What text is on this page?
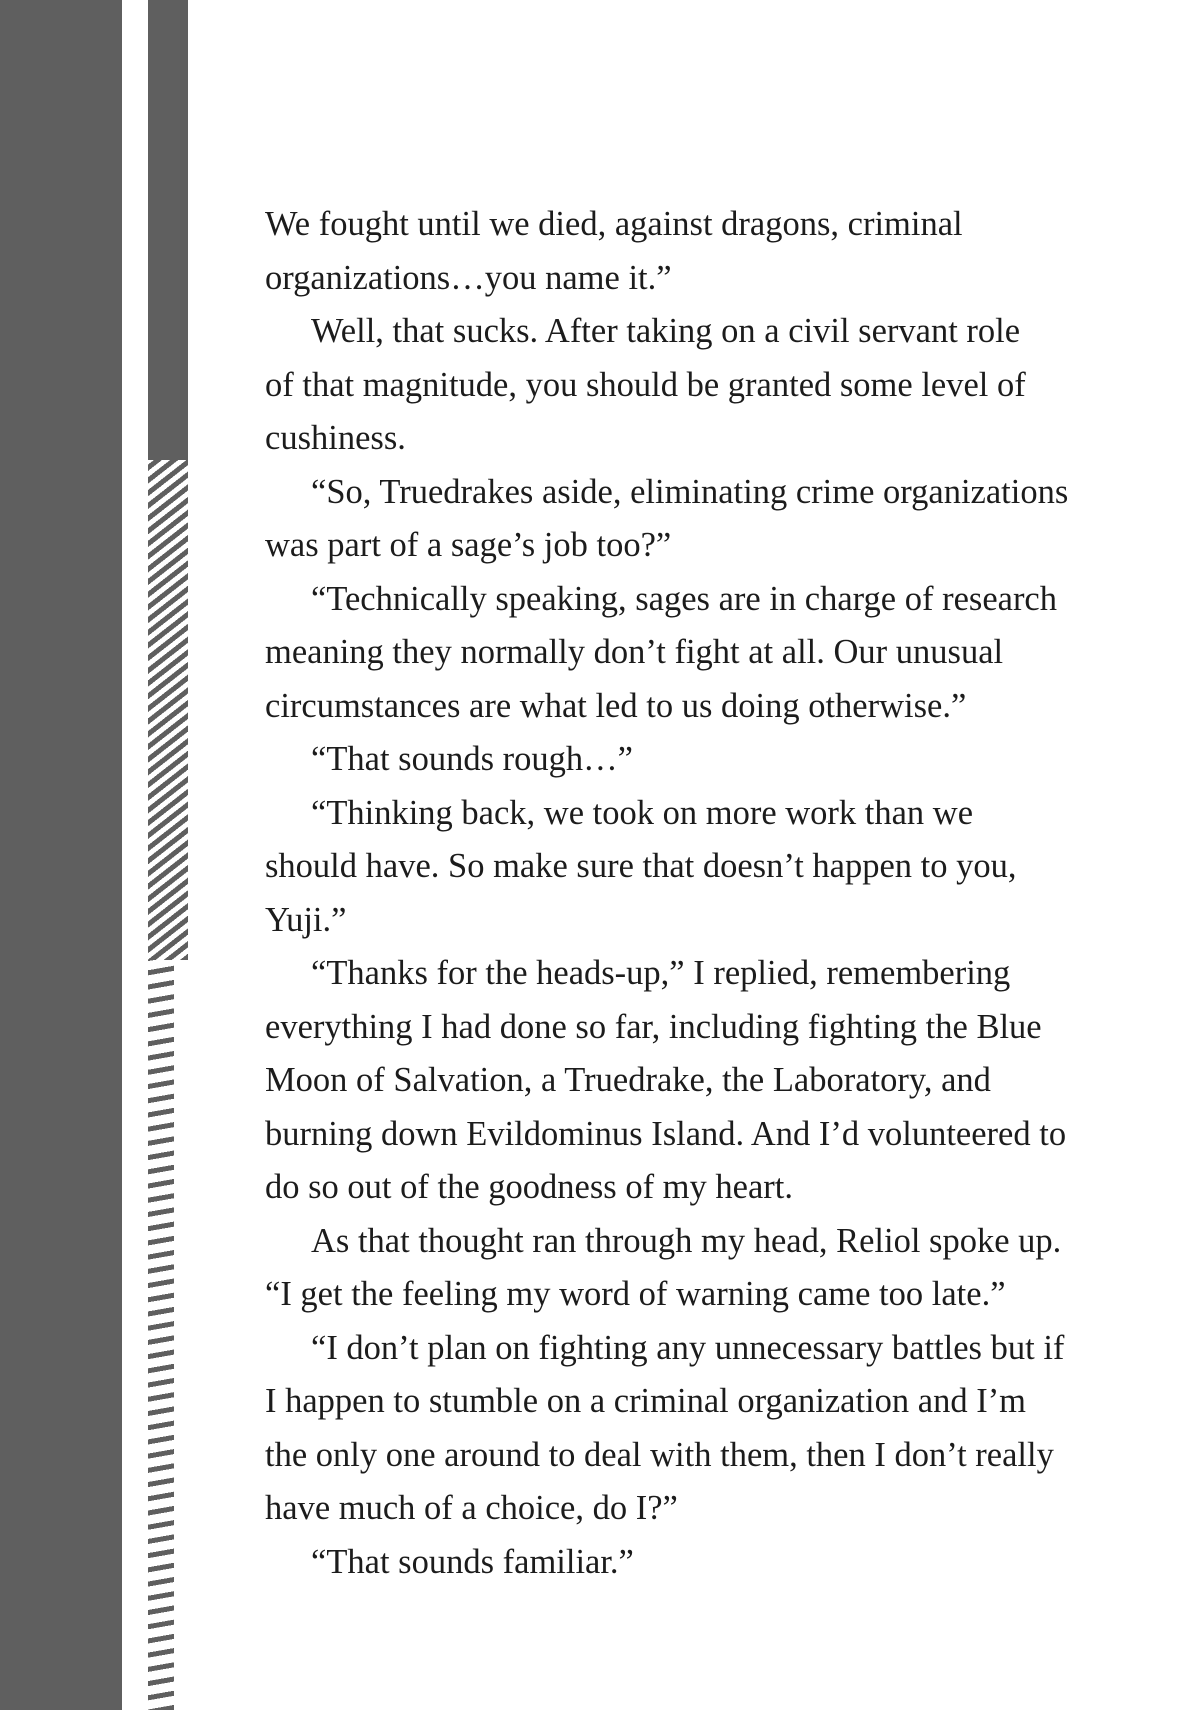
We fought until we died, against dragons, criminal
organizations…you name it.”

Well, that sucks. After taking on a civil servant role
of that magnitude, you should be granted some level of
cushiness.

“So, Truedrakes aside, eliminating crime organizations
was part of a sage’s job too?”

“Technically speaking, sages are in charge of research
meaning they normally don’t fight at all. Our unusual
circumstances are what led to us doing otherwise.”

“That sounds rough…”

“Thinking back, we took on more work than we
should have. So make sure that doesn’t happen to you,
Yuji.”

“Thanks for the heads-up,” I replied, remembering
everything I had done so far, including fighting the Blue
Moon of Salvation, a Truedrake, the Laboratory, and
burning down Evildominus Island. And I’d volunteered to
do so out of the goodness of my heart.

As that thought ran through my head, Reliol spoke up.

“I get the feeling my word of warning came too late.”

“I don’t plan on fighting any unnecessary battles but if
I happen to stumble on a criminal organization and I’m
the only one around to deal with them, then I don’t really
have much of a choice, do I?”

“That sounds familiar.”
